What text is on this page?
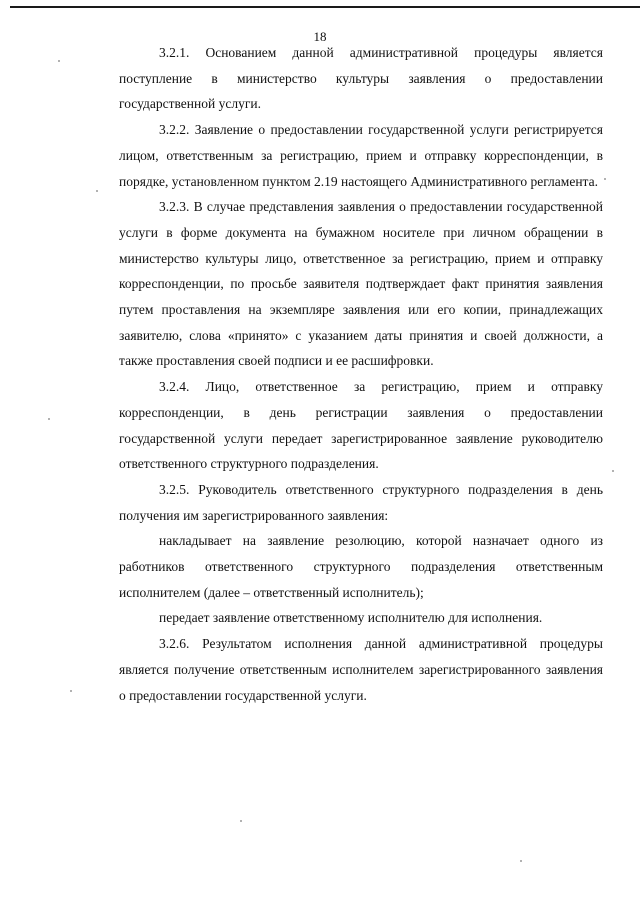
18

3.2.1. Основанием данной административной процедуры является поступление в министерство культуры заявления о предоставлении государственной услуги.

3.2.2. Заявление о предоставлении государственной услуги регистрируется лицом, ответственным за регистрацию, прием и отправку корреспонденции, в порядке, установленном пунктом 2.19 настоящего Административного регламента.

3.2.3. В случае представления заявления о предоставлении государственной услуги в форме документа на бумажном носителе при личном обращении в министерство культуры лицо, ответственное за регистрацию, прием и отправку корреспонденции, по просьбе заявителя подтверждает факт принятия заявления путем проставления на экземпляре заявления или его копии, принадлежащих заявителю, слова «принято» с указанием даты принятия и своей должности, а также проставления своей подписи и ее расшифровки.

3.2.4. Лицо, ответственное за регистрацию, прием и отправку корреспонденции, в день регистрации заявления о предоставлении государственной услуги передает зарегистрированное заявление руководителю ответственного структурного подразделения.

3.2.5. Руководитель ответственного структурного подразделения в день получения им зарегистрированного заявления:

накладывает на заявление резолюцию, которой назначает одного из работников ответственного структурного подразделения ответственным исполнителем (далее – ответственный исполнитель);

передает заявление ответственному исполнителю для исполнения.

3.2.6. Результатом исполнения данной административной процедуры является получение ответственным исполнителем зарегистрированного заявления о предоставлении государственной услуги.
